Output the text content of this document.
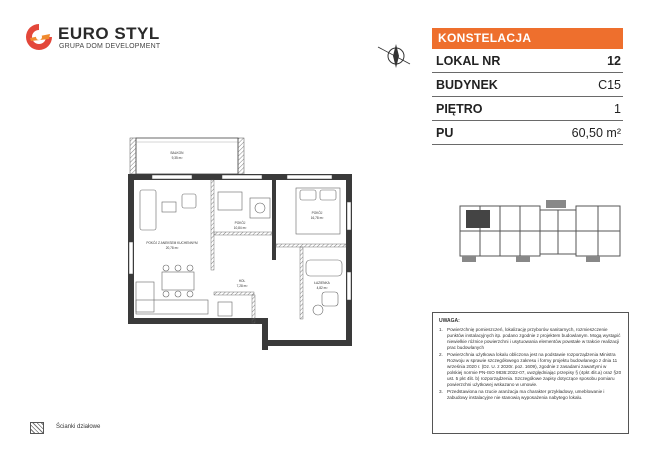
EURO STYL
GRUPA DOM DEVELOPMENT
KONSTELACJA
LOKAL NR	12
BUDYNEK	C15
PIĘTRO	1
PU	60,50 m²
BALKON
9,35 m²
POKÓJ Z ANEKSEM KUCHENNYM
20,78 m²
POKÓJ
10,84 m²
POKÓJ
16,78 m²
HOL
7,28 m²
ŁAZIENKA
4,82 m²
UWAGA:
1. Powierzchnię pomieszczeń, lokalizację przyborów sanitarnych, rozmieszczenie punktów instalacyjnych itp. podano zgodnie z projektem budowlanym. Mogą wystąpić niewielkie różnice powierzchni i usytuowania elementów powstałe w trakcie realizacji prac budowlanych
2. Powierzchnia użytkowa lokalu obliczona jest na podstawie rozporządzenia Ministra Rozwoju w sprawie szczegółowego zakresu i formy projektu budowlanego z dnia 11 września 2020 r. (Dz. U. z 2020r. poz. 1609), zgodnie z zasadami zawartymi w polskiej normie PN-ISO 9836:2022-07, uwzględniając przepisy § (4pkt 4lit.a) oraz §20 ust. 5 pkt 4lit. b) rozporządzenia. Szczegółowe zapisy dotyczące sposobu pomiaru powierzchni użytkowej wskazano w umowie.
3. Przedstawiona na rzucie aranżacja ma charakter przykładowy, umeblowanie i zabudowy instalacyjne nie stanowią wyposażenia nabytego lokalu.
Ścianki działowe
